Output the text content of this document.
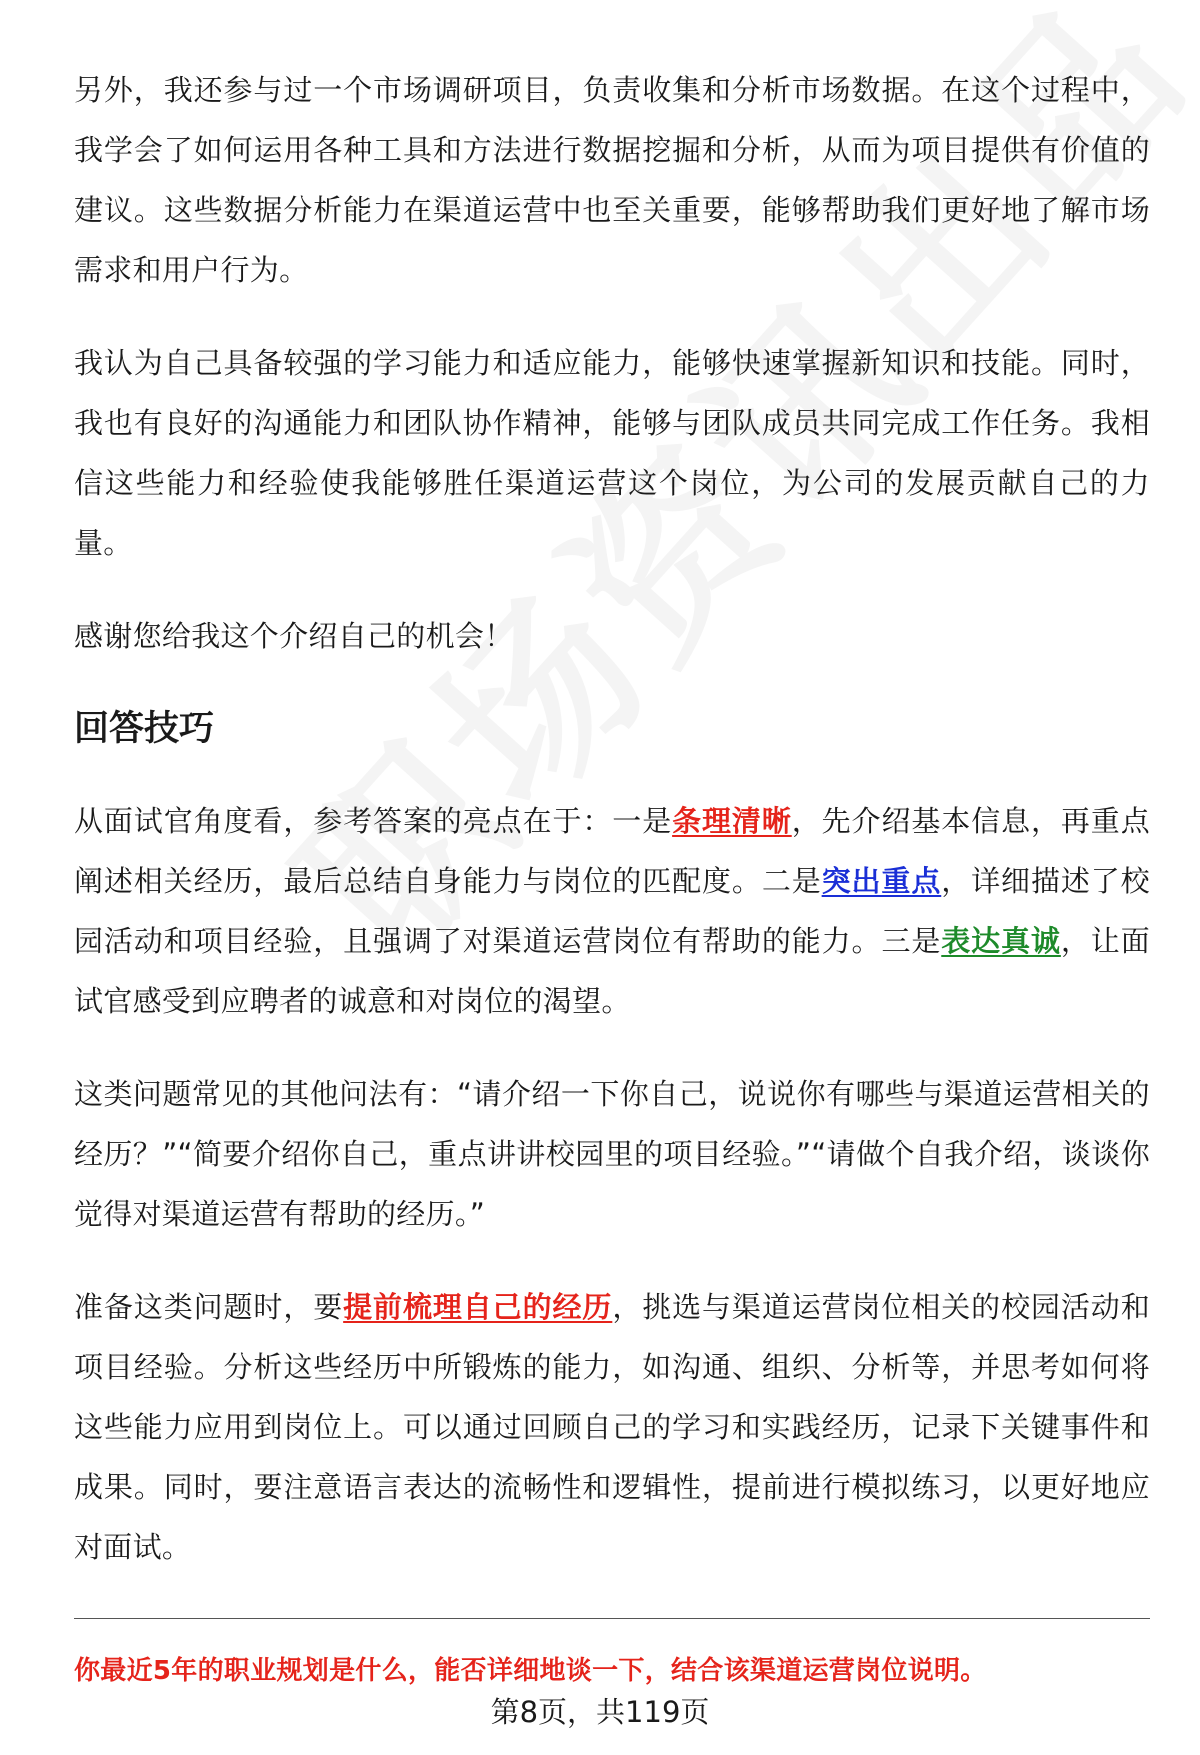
另外，我还参与过一个市场调研项目，负责收集和分析市场数据。在这个过程中，我学会了如何运用各种工具和方法进行数据挖掘和分析，从而为项目提供有价值的建议。这些数据分析能力在渠道运营中也至关重要，能够帮助我们更好地了解市场需求和用户行为。

我认为自己具备较强的学习能力和适应能力，能够快速掌握新知识和技能。同时，我也有良好的沟通能力和团队协作精神，能够与团队成员共同完成工作任务。我相信这些能力和经验使我能够胜任渠道运营这个岗位，为公司的发展贡献自己的力量。

感谢您给我这个介绍自己的机会！

回答技巧

从面试官角度看，参考答案的亮点在于：一是条理清晰，先介绍基本信息，再重点阐述相关经历，最后总结自身能力与岗位的匹配度。二是突出重点，详细描述了校园活动和项目经验，且强调了对渠道运营岗位有帮助的能力。三是表达真诚，让面试官感受到应聘者的诚意和对岗位的渴望。

这类问题常见的其他问法有：“请介绍一下你自己，说说你有哪些与渠道运营相关的经历？”“简要介绍你自己，重点讲讲校园里的项目经验。”“请做个自我介绍，谈谈你觉得对渠道运营有帮助的经历。”

准备这类问题时，要提前梳理自己的经历，挑选与渠道运营岗位相关的校园活动和项目经验。分析这些经历中所锻炼的能力，如沟通、组织、分析等，并思考如何将这些能力应用到岗位上。可以通过回顾自己的学习和实践经历，记录下关键事件和成果。同时，要注意语言表达的流畅性和逻辑性，提前进行模拟练习，以更好地应对面试。

你最近5年的职业规划是什么，能否详细地谈一下，结合该渠道运营岗位说明。
第8页，共119页
